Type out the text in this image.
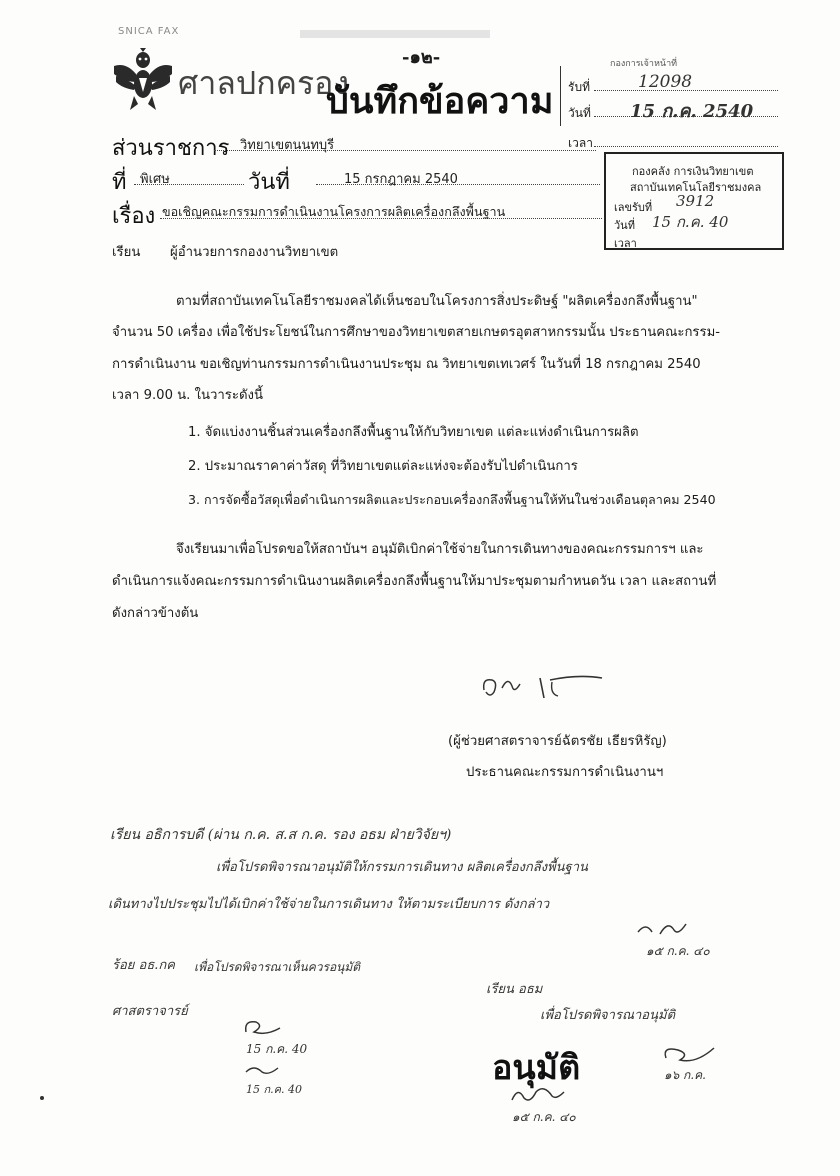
SNICA FAX
ศาลปกครอง
-๑๒-
บันทึกข้อความ
กองการเจ้าหน้าที่
รับที่	12098
วันที่ 15 ก.ค. 2540
เวลา
ส่วนราชการ วิทยาเขตนนทบุรี
ที่ พิเศษ	วันที่	15 กรกฎาคม 2540
เรื่อง ขอเชิญคณะกรรมการดำเนินงานโครงการผลิตเครื่องกลึงพื้นฐาน
กองคลัง การเงินวิทยาเขต
สถาบันเทคโนโลยีราชมงคล
เลขรับที่ 3912
วันที่ 15 ก.ค. 40
เวลา
เรียน ผู้อำนวยการกองงานวิทยาเขต
ตามที่สถาบันเทคโนโลยีราชมงคลได้เห็นชอบในโครงการสิ่งประดิษฐ์ "ผลิตเครื่องกลึงพื้นฐาน"
จำนวน 50 เครื่อง เพื่อใช้ประโยชน์ในการศึกษาของวิทยาเขตสายเกษตรอุตสาหกรรมนั้น ประธานคณะกรรม-
การดำเนินงาน ขอเชิญท่านกรรมการดำเนินงานประชุม ณ วิทยาเขตเทเวศร์ ในวันที่ 18 กรกฎาคม 2540
เวลา 9.00 น. ในวาระดังนี้
1. จัดแบ่งงานชิ้นส่วนเครื่องกลึงพื้นฐานให้กับวิทยาเขต แต่ละแห่งดำเนินการผลิต
2. ประมาณราคาค่าวัสดุ ที่วิทยาเขตแต่ละแห่งจะต้องรับไปดำเนินการ
3. การจัดซื้อวัสดุเพื่อดำเนินการผลิตและประกอบเครื่องกลึงพื้นฐานให้ทันในช่วงเดือนตุลาคม 2540
จึงเรียนมาเพื่อโปรดขอให้สถาบันฯ อนุมัติเบิกค่าใช้จ่ายในการเดินทางของคณะกรรมการฯ และ
ดำเนินการแจ้งคณะกรรมการดำเนินงานผลิตเครื่องกลึงพื้นฐานให้มาประชุมตามกำหนดวัน เวลา และสถานที่
ดังกล่าวข้างต้น
(ผู้ช่วยศาสตราจารย์ฉัตรชัย เธียรหิรัญ)
ประธานคณะกรรมการดำเนินงานฯ
เรียน อธิการบดี (ผ่าน ก.ค. ส.ส ก.ค. รอง อธม ฝ่ายวิจัยฯ)
เพื่อโปรดพิจารณาอนุมัติให้กรรมการเดินทาง ผลิตเครื่องกลึงพื้นฐาน
เดินทางไปประชุมไปได้เบิกค่าใช้จ่ายในการเดินทาง ให้ตามระเบียบการ ดังกล่าว
๑๕ ก.ค. ๔๐
ร้อย อธ.กค เพื่อโปรดพิจารณาเห็นควรอนุมัติ
ศาสตราจารย์
15 ก.ค. 40
15 ก.ค. 40
เรียน อธม
เพื่อโปรดพิจารณาอนุมัติ
อนุมัติ
๑๕ ก.ค. ๔๐
๑๖ ก.ค.
